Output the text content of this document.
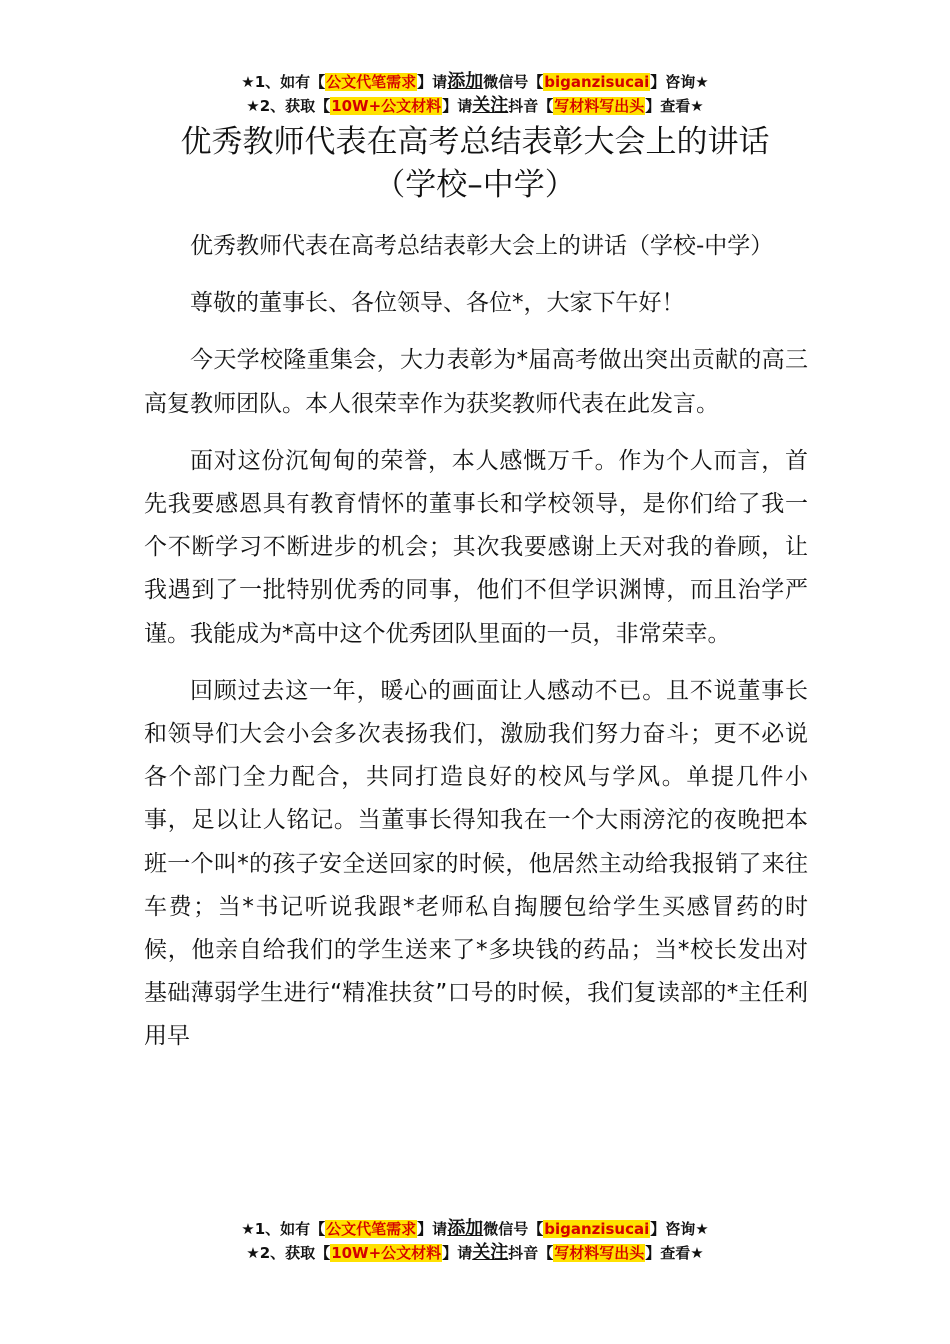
★1、如有【公文代笔需求】请添加微信号【biganzisucai】咨询★
★2、获取【10W+公文材料】请关注抖音【写材料写出头】查看★
优秀教师代表在高考总结表彰大会上的讲话
（学校–中学）

优秀教师代表在高考总结表彰大会上的讲话（学校-中学）

尊敬的董事长、各位领导、各位*，大家下午好！

今天学校隆重集会，大力表彰为*届高考做出突出贡献的高三高复教师团队。本人很荣幸作为获奖教师代表在此发言。

面对这份沉甸甸的荣誉，本人感慨万千。作为个人而言，首先我要感恩具有教育情怀的董事长和学校领导，是你们给了我一个不断学习不断进步的机会；其次我要感谢上天对我的眷顾，让我遇到了一批特别优秀的同事，他们不但学识渊博，而且治学严谨。我能成为*高中这个优秀团队里面的一员，非常荣幸。

回顾过去这一年，暖心的画面让人感动不已。且不说董事长和领导们大会小会多次表扬我们，激励我们努力奋斗；更不必说各个部门全力配合，共同打造良好的校风与学风。单提几件小事，足以让人铭记。当董事长得知我在一个大雨滂沱的夜晚把本班一个叫*的孩子安全送回家的时候，他居然主动给我报销了来往车费；当*书记听说我跟*老师私自掏腰包给学生买感冒药的时候，他亲自给我们的学生送来了*多块钱的药品；当*校长发出对基础薄弱学生进行“精准扶贫”口号的时候，我们复读部的*主任利用早

★1、如有【公文代笔需求】请添加微信号【biganzisucai】咨询★
★2、获取【10W+公文材料】请关注抖音【写材料写出头】查看★
